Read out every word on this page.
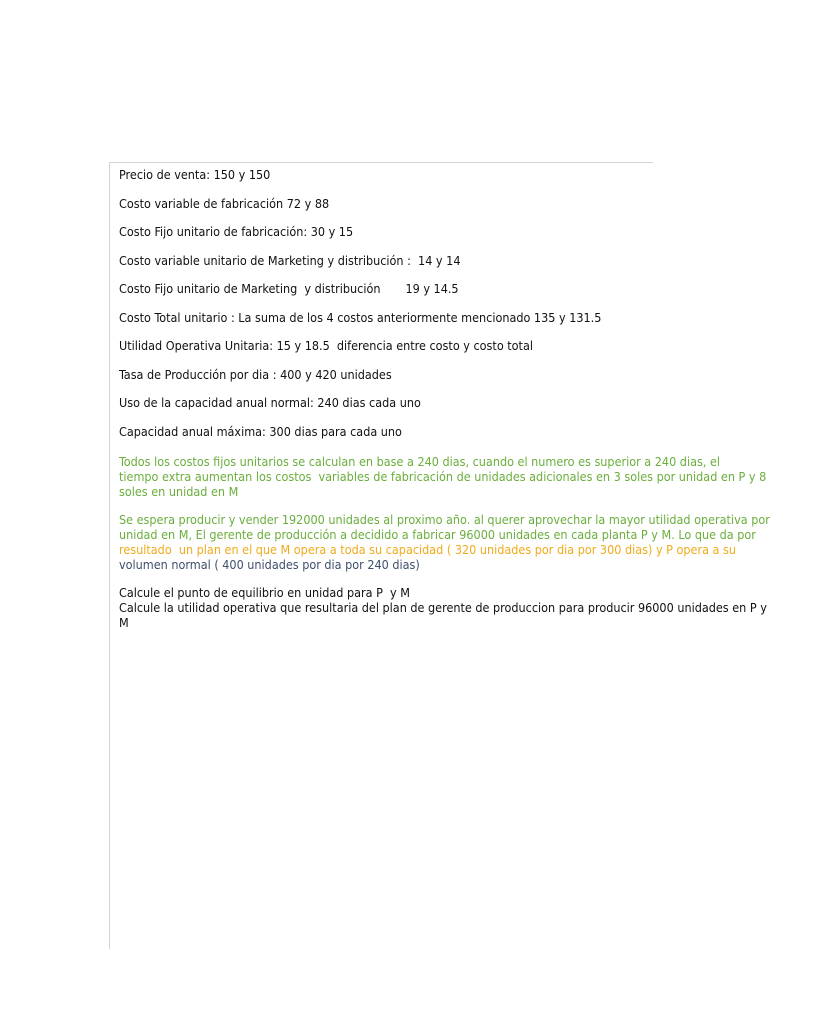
Precio de venta: 150 y 150

Costo variable de fabricación 72 y 88

Costo Fijo unitario de fabricación: 30 y 15

Costo variable unitario de Marketing y distribución :  14 y 14

Costo Fijo unitario de Marketing  y distribución       19 y 14.5

Costo Total unitario : La suma de los 4 costos anteriormente mencionado 135 y 131.5

Utilidad Operativa Unitaria: 15 y 18.5  diferencia entre costo y costo total

Tasa de Producción por dia : 400 y 420 unidades

Uso de la capacidad anual normal: 240 dias cada uno

Capacidad anual máxima: 300 dias para cada uno

Todos los costos fijos unitarios se calculan en base a 240 dias, cuando el numero es superior a 240 dias, el

tiempo extra aumentan los costos  variables de fabricación de unidades adicionales en 3 soles por unidad en P y 8

soles en unidad en M

Se espera producir y vender 192000 unidades al proximo año. al querer aprovechar la mayor utilidad operativa por

unidad en M, El gerente de producción a decidido a fabricar 96000 unidades en cada planta P y M. Lo que da por

resultado  un plan en el que M opera a toda su capacidad ( 320 unidades por dia por 300 dias) y P opera a su

volumen normal ( 400 unidades por dia por 240 dias)

Calcule el punto de equilibrio en unidad para P  y M

Calcule la utilidad operativa que resultaria del plan de gerente de produccion para producir 96000 unidades en P y

M
